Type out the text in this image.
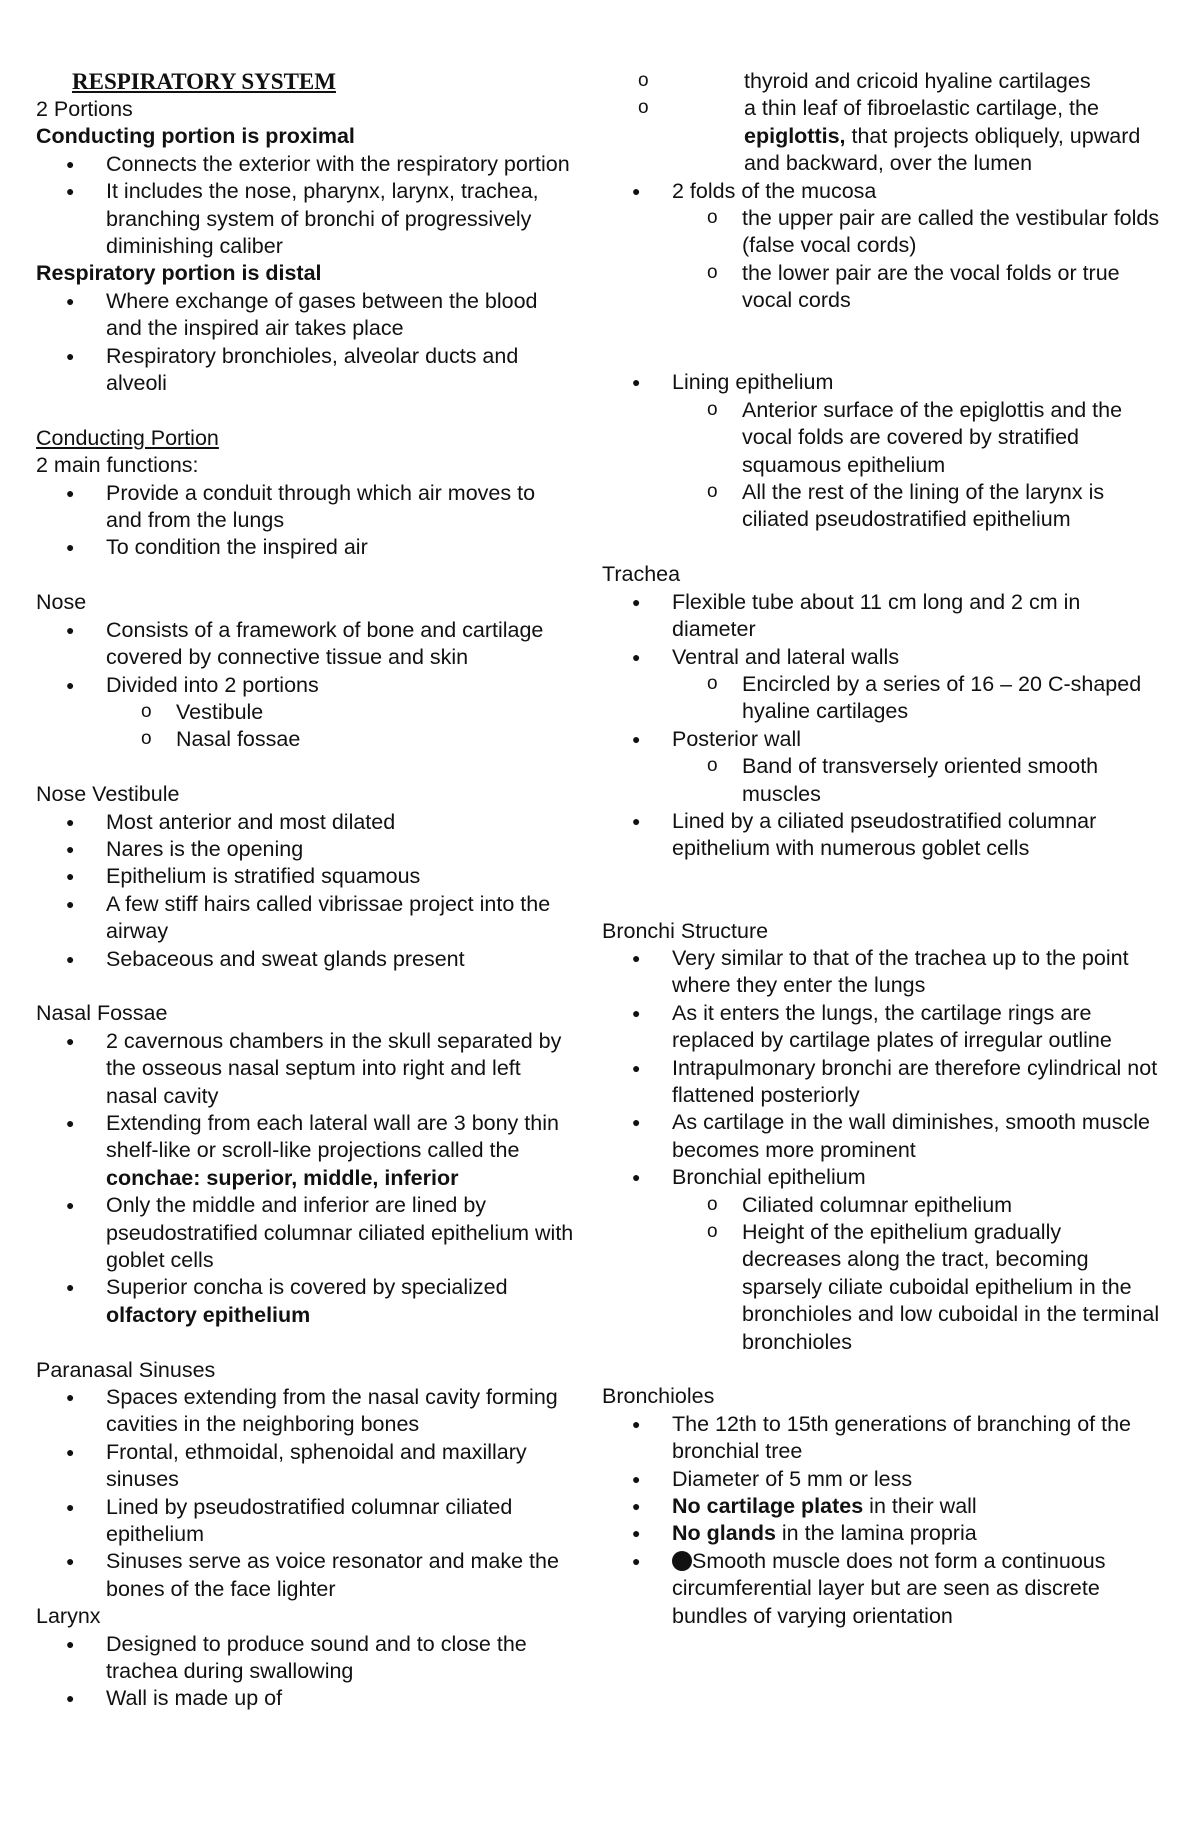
RESPIRATORY SYSTEM

2 Portions

Conducting portion is proximal

● Connects the exterior with the respiratory portion
● It includes the nose, pharynx, larynx, trachea, branching system of bronchi of progressively diminishing caliber

Respiratory portion is distal

● Where exchange of gases between the blood and the inspired air takes place
● Respiratory bronchioles, alveolar ducts and alveoli

Conducting Portion

2 main functions:

● Provide a conduit through which air moves to and from the lungs
● To condition the inspired air

Nose

● Consists of a framework of bone and cartilage covered by connective tissue and skin
● Divided into 2 portions
o Vestibule
o Nasal fossae

Nose Vestibule

● Most anterior and most dilated
● Nares is the opening
● Epithelium is stratified squamous
● A few stiff hairs called vibrissae project into the airway
● Sebaceous and sweat glands present

Nasal Fossae

● 2 cavernous chambers in the skull separated by the osseous nasal septum into right and left nasal cavity
● Extending from each lateral wall are 3 bony thin shelf-like or scroll-like projections called the conchae: superior, middle, inferior
● Only the middle and inferior are lined by pseudostratified columnar ciliated epithelium with goblet cells
● Superior concha is covered by specialized olfactory epithelium

Paranasal Sinuses

● Spaces extending from the nasal cavity forming cavities in the neighboring bones
● Frontal, ethmoidal, sphenoidal and maxillary sinuses
● Lined by pseudostratified columnar ciliated epithelium
● Sinuses serve as voice resonator and make the bones of the face lighter

Larynx

● Designed to produce sound and to close the trachea during swallowing
● Wall is made up of
o thyroid and cricoid hyaline cartilages
o a thin leaf of fibroelastic cartilage, the epiglottis, that projects obliquely, upward and backward, over the lumen
● 2 folds of the mucosa
o the upper pair are called the vestibular folds (false vocal cords)
o the lower pair are the vocal folds or true vocal cords
● Lining epithelium
o Anterior surface of the epiglottis and the vocal folds are covered by stratified squamous epithelium
o All the rest of the lining of the larynx is ciliated pseudostratified epithelium

Trachea

● Flexible tube about 11 cm long and 2 cm in diameter
● Ventral and lateral walls
o Encircled by a series of 16 – 20 C-shaped hyaline cartilages
● Posterior wall
o Band of transversely oriented smooth muscles
● Lined by a ciliated pseudostratified columnar epithelium with numerous goblet cells

Bronchi Structure

● Very similar to that of the trachea up to the point where they enter the lungs
● As it enters the lungs, the cartilage rings are replaced by cartilage plates of irregular outline
● Intrapulmonary bronchi are therefore cylindrical not flattened posteriorly
● As cartilage in the wall diminishes, smooth muscle becomes more prominent
● Bronchial epithelium
o Ciliated columnar epithelium
o Height of the epithelium gradually decreases along the tract, becoming sparsely ciliate cuboidal epithelium in the bronchioles and low cuboidal in the terminal bronchioles

Bronchioles

● The 12th to 15th generations of branching of the bronchial tree
● Diameter of 5 mm or less
● No cartilage plates in their wall
● No glands in the lamina propria
● Smooth muscle does not form a continuous circumferential layer but are seen as discrete bundles of varying orientation
